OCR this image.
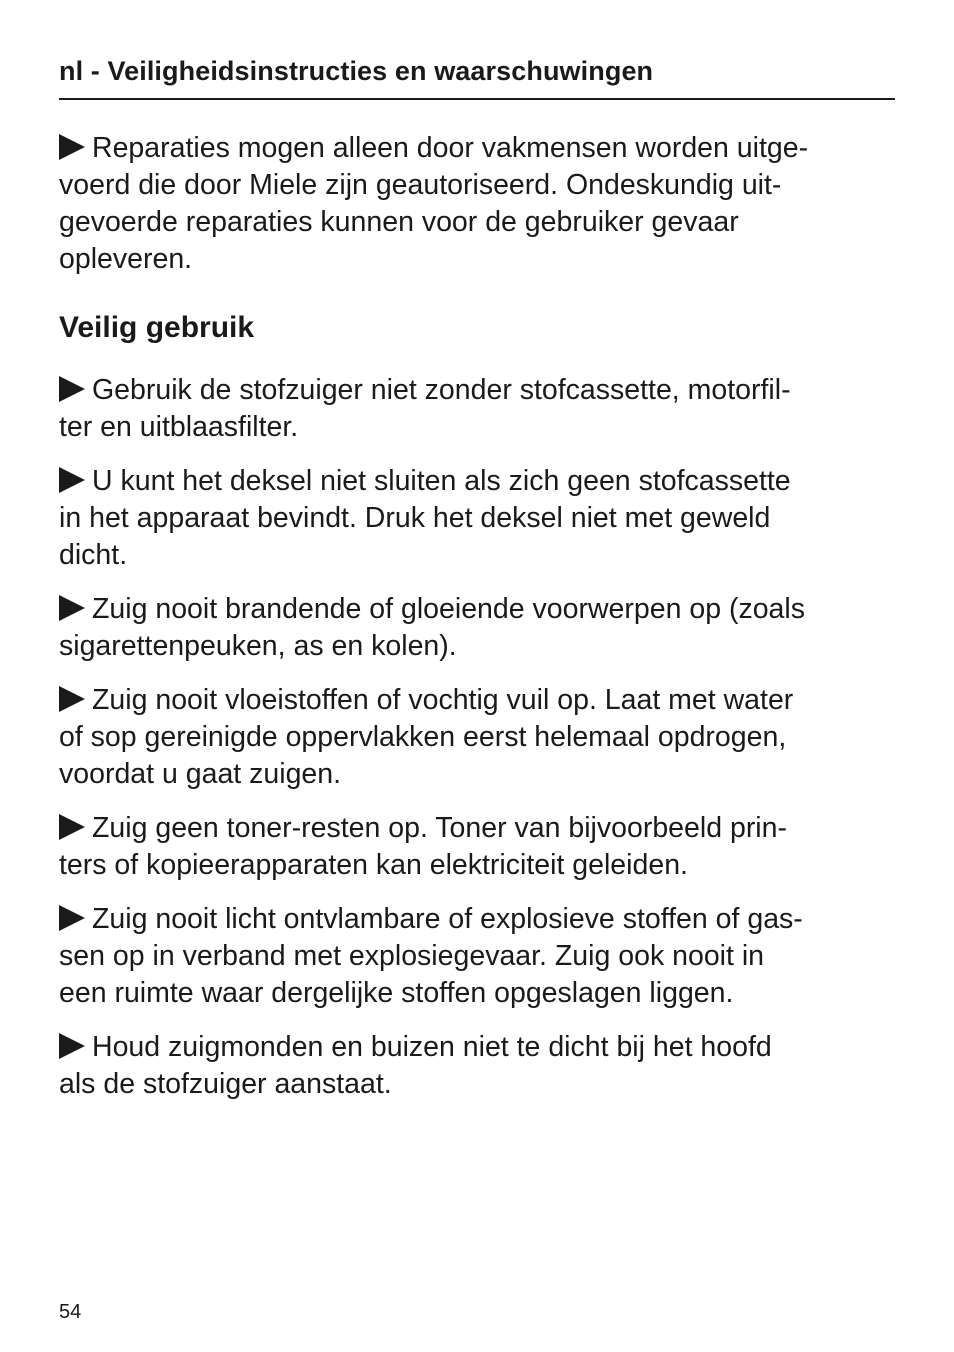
nl - Veiligheidsinstructies en waarschuwingen
Reparaties mogen alleen door vakmensen worden uitge-
voerd die door Miele zijn geautoriseerd. Ondeskundig uit-
gevoerde reparaties kunnen voor de gebruiker gevaar
opleveren.
Veilig gebruik
Gebruik de stofzuiger niet zonder stofcassette, motorfil-
ter en uitblaasfilter.
U kunt het deksel niet sluiten als zich geen stofcassette
in het apparaat bevindt. Druk het deksel niet met geweld
dicht.
Zuig nooit brandende of gloeiende voorwerpen op (zoals
sigarettenpeuken, as en kolen).
Zuig nooit vloeistoffen of vochtig vuil op. Laat met water
of sop gereinigde oppervlakken eerst helemaal opdrogen,
voordat u gaat zuigen.
Zuig geen toner-resten op. Toner van bijvoorbeeld prin-
ters of kopieerapparaten kan elektriciteit geleiden.
Zuig nooit licht ontvlambare of explosieve stoffen of gas-
sen op in verband met explosiegevaar. Zuig ook nooit in
een ruimte waar dergelijke stoffen opgeslagen liggen.
Houd zuigmonden en buizen niet te dicht bij het hoofd
als de stofzuiger aanstaat.
54
